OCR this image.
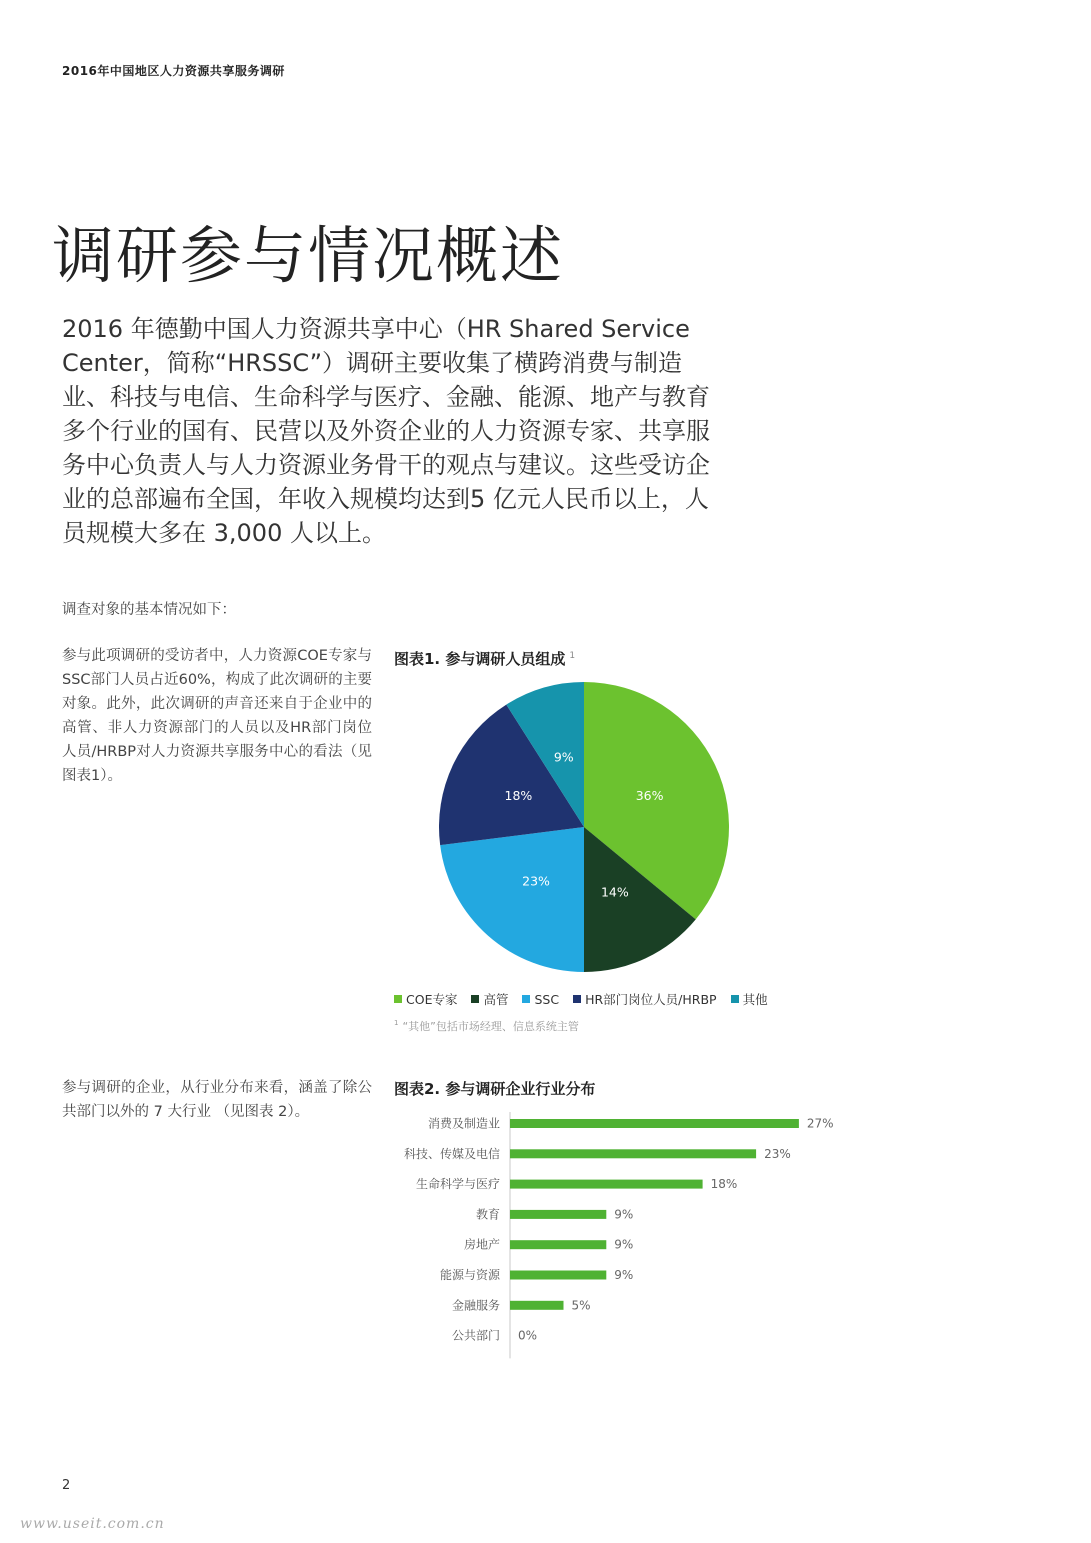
2016年中国地区人力资源共享服务调研
调研参与情况概述
2016 年德勤中国人力资源共享中心（HR Shared Service Center，简称“HRSSC”）调研主要收集了横跨消费与制造业、科技与电信、生命科学与医疗、金融、能源、地产与教育多个行业的国有、民营以及外资企业的人力资源专家、共享服务中心负责人与人力资源业务骨干的观点与建议。这些受访企业的总部遍布全国，年收入规模均达到5 亿元人民币以上，人员规模大多在 3,000 人以上。
调查对象的基本情况如下：
参与此项调研的受访者中，人力资源COE专家与SSC部门人员占近60%，构成了此次调研的主要对象。此外，此次调研的声音还来自于企业中的高管、非人力资源部门的人员以及HR部门岗位人员/HRBP对人力资源共享服务中心的看法（见图表1）。
图表1. 参与调研人员组成 $^1$
36%
14%
23%
18%
9%
COE专家 高管 SSC HR部门岗位人员/HRBP 其他
$^1$ “其他”包括市场经理、信息系统主管
参与调研的企业，从行业分布来看，涵盖了除公共部门以外的 7 大行业 （见图表 2）。
图表2. 参与调研企业行业分布
消费及制造业	27%
科技、传媒及电信	23%
生命科学与医疗	18%
教育	9%
房地产	9%
能源与资源	9%
金融服务	5%
公共部门 0%
2
www.useit.com.cn
